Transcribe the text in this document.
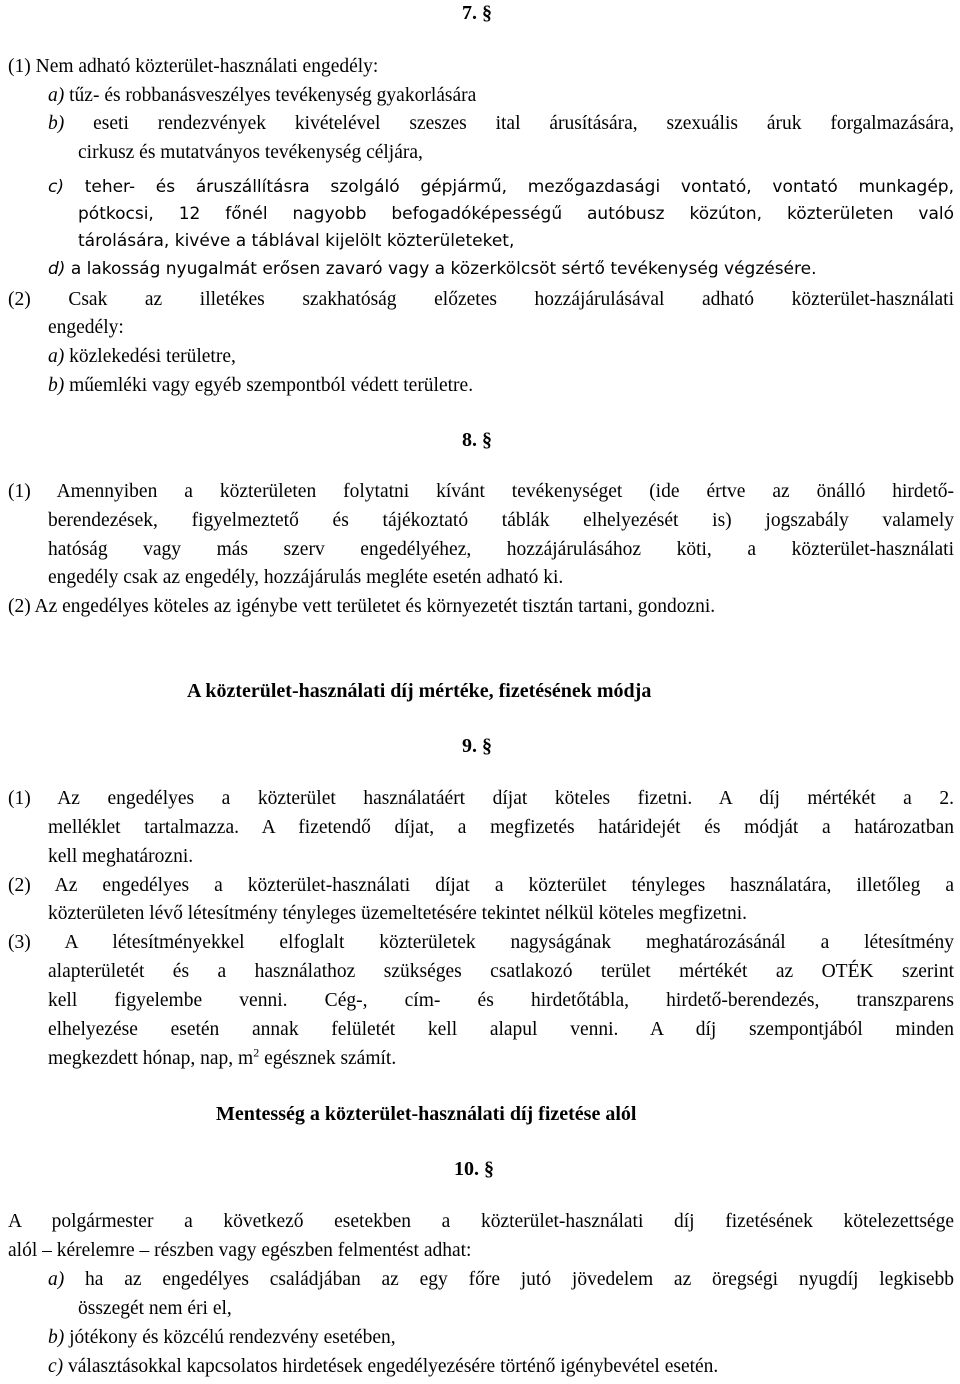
7. §
(1) Nem adható közterület-használati engedély:
a) tűz- és robbanásveszélyes tevékenység gyakorlására
b) eseti rendezvények kivételével szeszes ital árusítására, szexuális áruk forgalmazására,
cirkusz és mutatványos tevékenység céljára,
c) teher- és áruszállításra szolgáló gépjármű, mezőgazdasági vontató, vontató munkagép,
pótkocsi, 12 főnél nagyobb befogadóképességű autóbusz közúton, közterületen való
tárolására, kivéve a táblával kijelölt közterületeket,
d) a lakosság nyugalmát erősen zavaró vagy a közerkölcsöt sértő tevékenység végzésére.
(2) Csak az illetékes szakhatóság előzetes hozzájárulásával adható közterület-használati
engedély:
a) közlekedési területre,
b) műemléki vagy egyéb szempontból védett területre.
8. §
(1) Amennyiben a közterületen folytatni kívánt tevékenységet (ide értve az önálló hirdető-
berendezések, figyelmeztető és tájékoztató táblák elhelyezését is) jogszabály valamely
hatóság vagy más szerv engedélyéhez, hozzájárulásához köti, a közterület-használati
engedély csak az engedély, hozzájárulás megléte esetén adható ki.
(2) Az engedélyes köteles az igénybe vett területet és környezetét tisztán tartani, gondozni.
A közterület-használati díj mértéke, fizetésének módja
9. §
(1) Az engedélyes a közterület használatáért díjat köteles fizetni. A díj mértékét a 2.
melléklet tartalmazza. A fizetendő díjat, a megfizetés határidejét és módját a határozatban
kell meghatározni.
(2) Az engedélyes a közterület-használati díjat a közterület tényleges használatára, illetőleg a
közterületen lévő létesítmény tényleges üzemeltetésére tekintet nélkül köteles megfizetni.
(3) A létesítményekkel elfoglalt közterületek nagyságának meghatározásánál a létesítmény
alapterületét és a használathoz szükséges csatlakozó terület mértékét az OTÉK szerint
kell figyelembe venni. Cég-, cím- és hirdetőtábla, hirdető-berendezés, transzparens
elhelyezése esetén annak felületét kell alapul venni. A díj szempontjából minden
megkezdett hónap, nap, $m^2$ egésznek számít.
Mentesség a közterület-használati díj fizetése alól
10. §
A polgármester a következő esetekben a közterület-használati díj fizetésének kötelezettsége
alól – kérelemre – részben vagy egészben felmentést adhat:
a) ha az engedélyes családjában az egy főre jutó jövedelem az öregségi nyugdíj legkisebb
összegét nem éri el,
b) jótékony és közcélú rendezvény esetében,
c) választásokkal kapcsolatos hirdetések engedélyezésére történő igénybevétel esetén.
